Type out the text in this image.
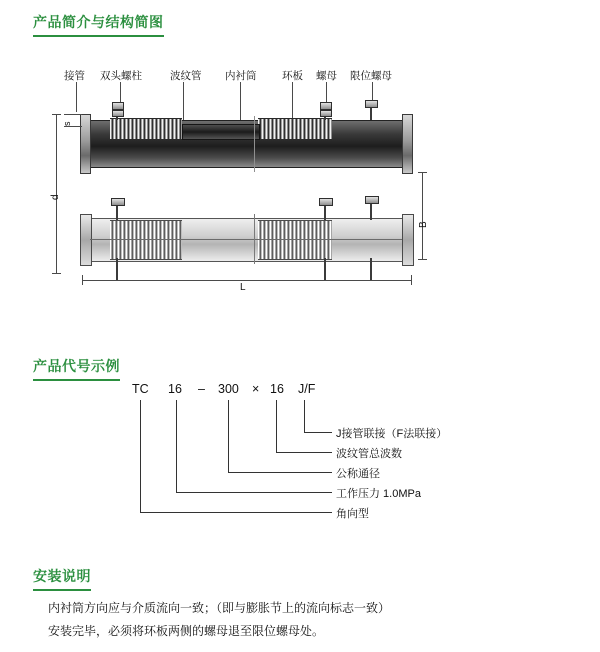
产品简介与结构简图
接管 双头螺柱	波纹管 内衬筒 环板 螺母 限位螺母
s
d
B
L
产品代号示例
TC 16 – 300 × 16 J/F
J接管联接（F法联接）
波纹管总波数
公称通径
工作压力 1.0MPa
角向型
安装说明

内衬筒方向应与介质流向一致；（即与膨胀节上的流向标志一致）

安装完毕，必须将环板两侧的螺母退至限位螺母处。
